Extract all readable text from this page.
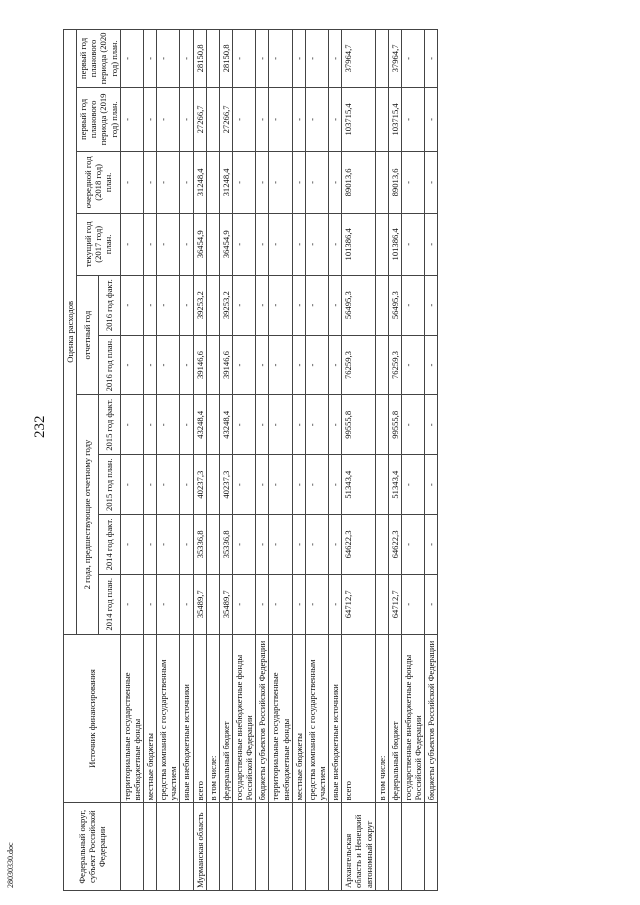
232
Федеральный округ, субъект Российской Федерации	Источник финансирования	Оценка расходов									
		2 года, предшествующие отчетному году				отчетный год		текущий год (2017 год) план.	очередной год (2018 год) план.	первый год планового периода (2019 год) план.	первый год планового периода (2020 год) план.
		2014 год план.	2014 год факт.	2015 год план.	2015 год факт.	2016 год план.	2016 год факт.				
	территориальные государственные внебюджетные фонды	-	-	-	-	-	-	-	-	-	-
	местные бюджеты	-	-	-	-	-	-	-	-	-	-
	средства компаний с государственным участием	-	-	-	-	-	-	-	-	-	-
	иные внебюджетные источники	-	-	-	-	-	-	-	-	-	-
Мурманская область	всего	35489,7	35336,8	40237,3	43248,4	39146,6	39253,2	36454,9	31248,4	27266,7	28150,8
	в том числе:										
	федеральный бюджет	35489,7	35336,8	40237,3	43248,4	39146,6	39253,2	36454,9	31248,4	27266,7	28150,8
	государственные внебюджетные фонды Российской Федерации	-	-	-	-	-	-	-	-	-	-
	бюджеты субъектов Российской Федерации	-	-	-	-	-	-	-	-	-	-
	территориальные государственные внебюджетные фонды	-	-	-	-	-	-	-	-	-	-
	местные бюджеты	-	-	-	-	-	-	-	-	-	-
	средства компаний с государственным участием	-	-	-	-	-	-	-	-	-	-
	иные внебюджетные источники	-	-	-	-	-	-	-	-	-	-
Архангельская область и Ненецкий автономный округ	всего	64712,7	64622,3	51343,4	99555,8	76259,3	56495,3	101386,4	89013,6	103715,4	37964,7
	в том числе:										
	федеральный бюджет	64712,7	64622,3	51343,4	99555,8	76259,3	56495,3	101386,4	89013,6	103715,4	37964,7
	государственные внебюджетные фонды Российской Федерации	-	-	-	-	-	-	-	-	-	-
	бюджеты субъектов Российской Федерации	-	-	-	-	-	-	-	-	-	-
28030330.doc
